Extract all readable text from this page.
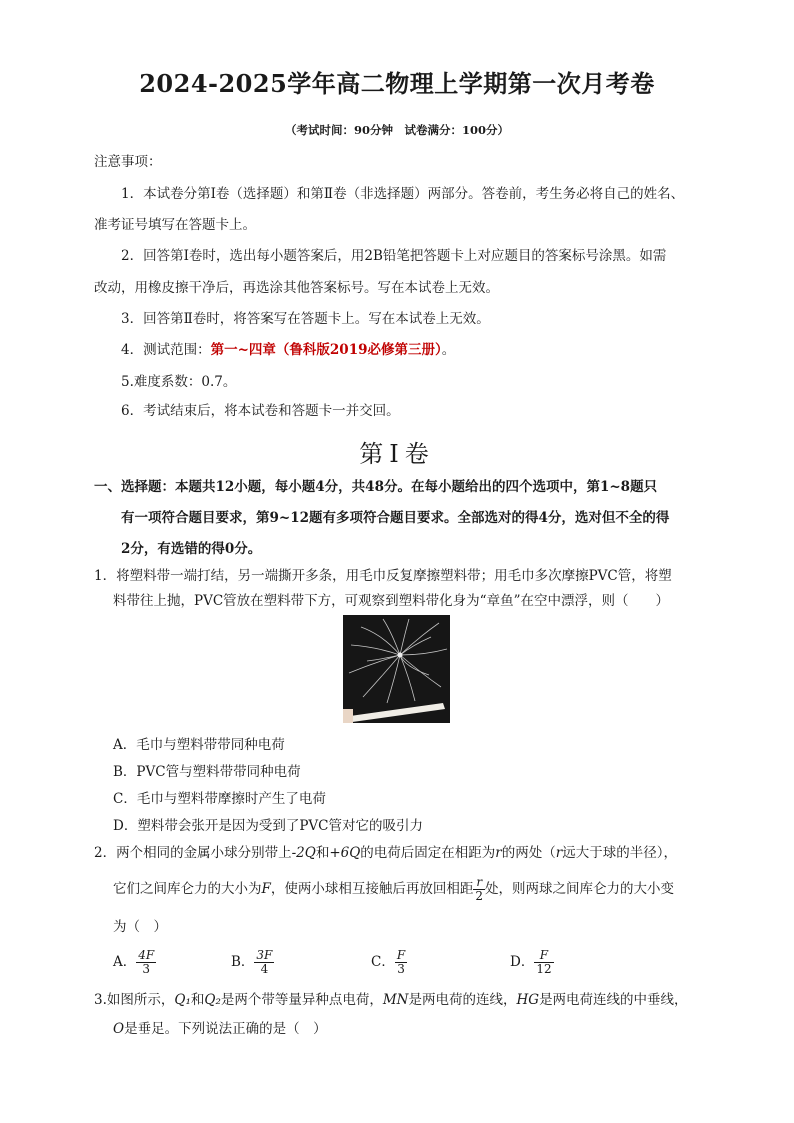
2024-2025学年高二物理上学期第一次月考卷
（考试时间：90分钟　试卷满分：100分）
注意事项：
1．本试卷分第Ⅰ卷（选择题）和第Ⅱ卷（非选择题）两部分。答卷前，考生务必将自己的姓名、
准考证号填写在答题卡上。
2．回答第Ⅰ卷时，选出每小题答案后，用2B铅笔把答题卡上对应题目的答案标号涂黑。如需
改动，用橡皮擦干净后，再选涂其他答案标号。写在本试卷上无效。
3．回答第Ⅱ卷时，将答案写在答题卡上。写在本试卷上无效。
4．测试范围：第一~四章（鲁科版2019必修第三册）。
5.难度系数：0.7。
6．考试结束后，将本试卷和答题卡一并交回。
第Ⅰ卷
一、选择题：本题共12小题，每小题4分，共48分。在每小题给出的四个选项中，第1~8题只
有一项符合题目要求，第9~12题有多项符合题目要求。全部选对的得4分，选对但不全的得
2分，有选错的得0分。
1．将塑料带一端打结，另一端撕开多条，用毛巾反复摩擦塑料带；用毛巾多次摩擦PVC管，将塑
料带往上抛，PVC管放在塑料带下方，可观察到塑料带化身为“章鱼”在空中漂浮，则（　　）
A．毛巾与塑料带带同种电荷
B．PVC管与塑料带带同种电荷
C．毛巾与塑料带摩擦时产生了电荷
D．塑料带会张开是因为受到了PVC管对它的吸引力
2．两个相同的金属小球分别带上-2Q和+6Q的电荷后固定在相距为r的两处（r远大于球的半径），
它们之间库仑力的大小为F，使两小球相互接触后再放回相距 $\frac{r}{2}$ 处，则两球之间库仑力的大小变
为（　）
A． $\frac{4F}{3}$	B． $\frac{3F}{4}$	C． $\frac{F}{3}$	D． $\frac{F}{12}$
3.如图所示，Q₁和Q₂是两个带等量异种点电荷，MN是两电荷的连线，HG是两电荷连线的中垂线，
O是垂足。下列说法正确的是（　）
